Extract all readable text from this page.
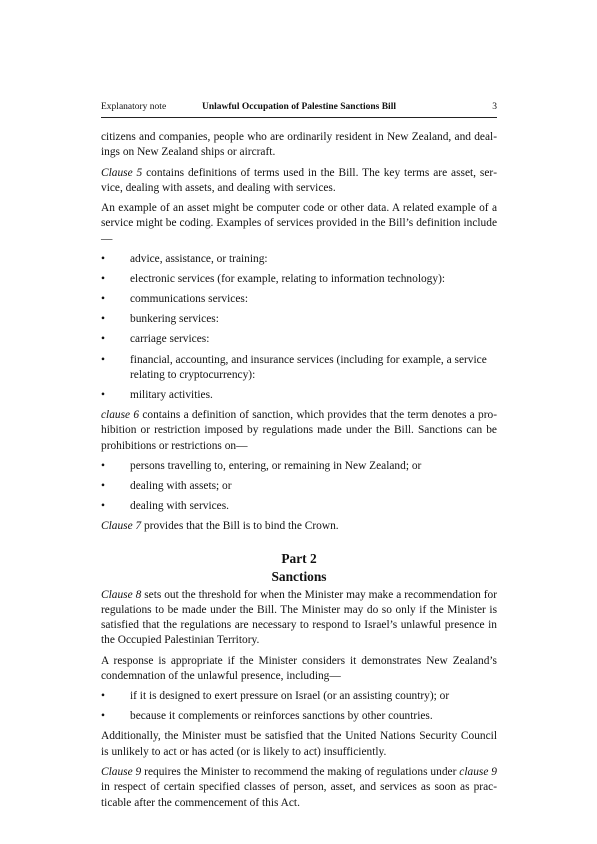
Explanatory note	Unlawful Occupation of Palestine Sanctions Bill	3

citizens and companies, people who are ordinarily resident in New Zealand, and dealings on New Zealand ships or aircraft.

Clause 5 contains definitions of terms used in the Bill. The key terms are asset, service, dealing with assets, and dealing with services.

An example of an asset might be computer code or other data. A related example of a service might be coding. Examples of services provided in the Bill’s definition include—

• advice, assistance, or training:
• electronic services (for example, relating to information technology):
• communications services:
• bunkering services:
• carriage services:
• financial, accounting, and insurance services (including for example, a service relating to cryptocurrency):
• military activities.

clause 6 contains a definition of sanction, which provides that the term denotes a prohibition or restriction imposed by regulations made under the Bill. Sanctions can be prohibitions or restrictions on—

• persons travelling to, entering, or remaining in New Zealand; or
• dealing with assets; or
• dealing with services.

Clause 7 provides that the Bill is to bind the Crown.

Part 2

Sanctions

Clause 8 sets out the threshold for when the Minister may make a recommendation for regulations to be made under the Bill. The Minister may do so only if the Minister is satisfied that the regulations are necessary to respond to Israel’s unlawful presence in the Occupied Palestinian Territory.

A response is appropriate if the Minister considers it demonstrates New Zealand’s condemnation of the unlawful presence, including—

• if it is designed to exert pressure on Israel (or an assisting country); or
• because it complements or reinforces sanctions by other countries.

Additionally, the Minister must be satisfied that the United Nations Security Council is unlikely to act or has acted (or is likely to act) insufficiently.

Clause 9 requires the Minister to recommend the making of regulations under clause 9 in respect of certain specified classes of person, asset, and services as soon as practicable after the commencement of this Act.
